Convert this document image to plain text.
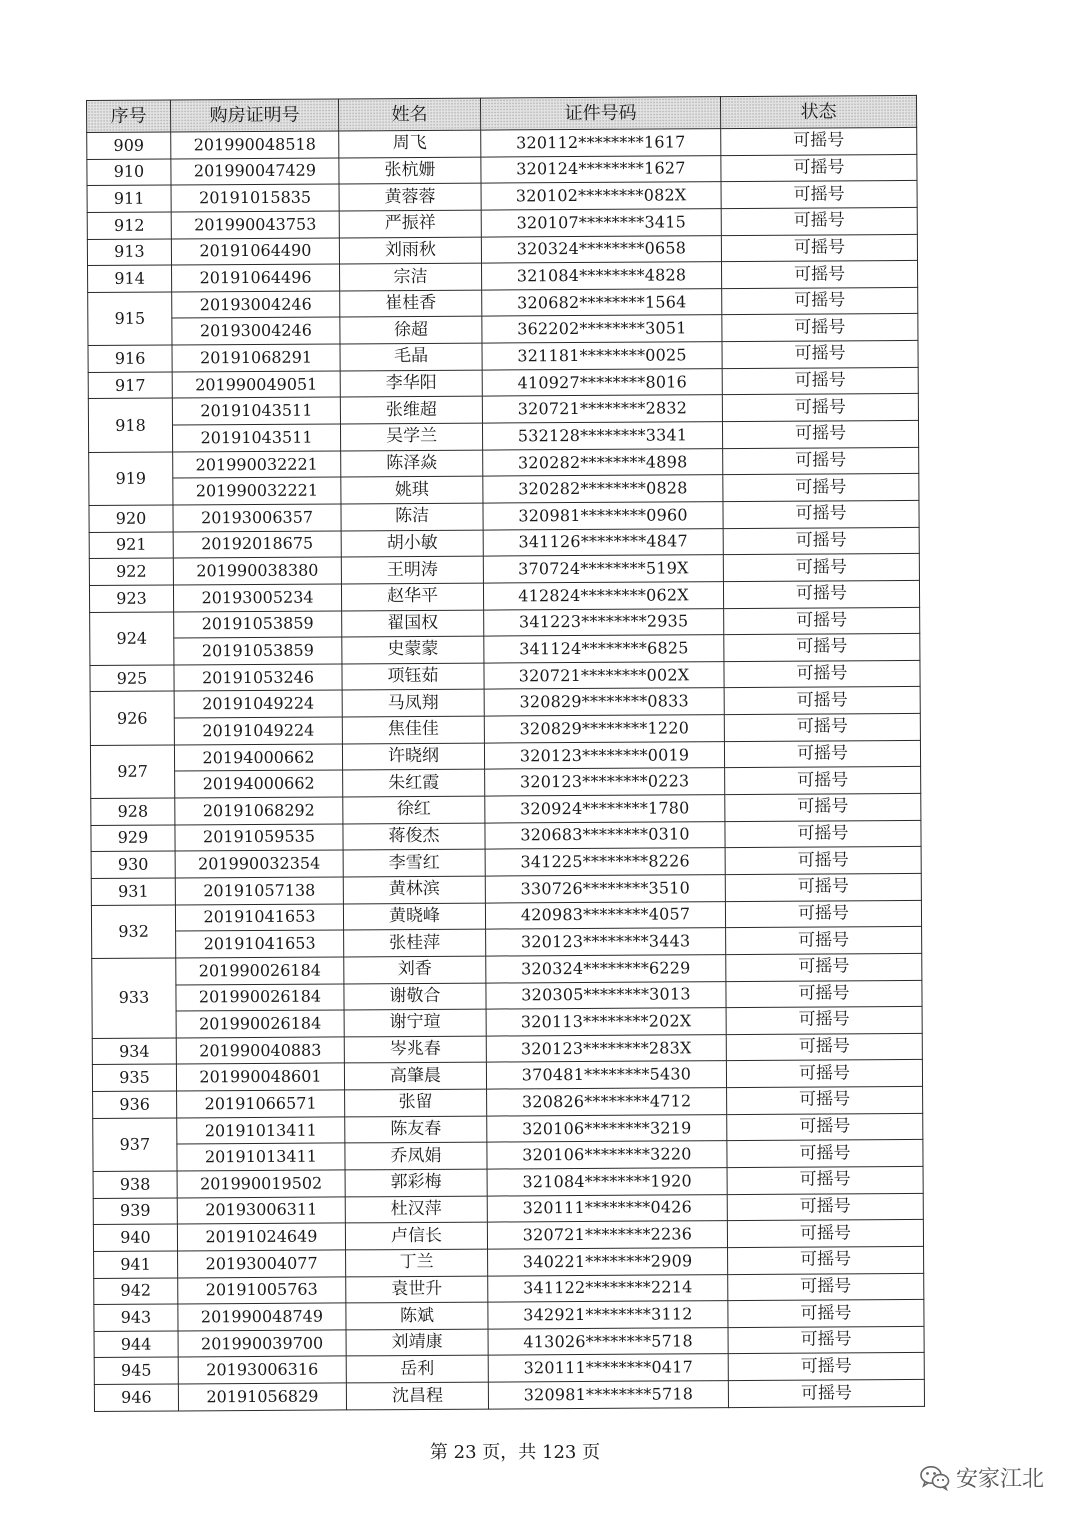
序号	购房证明号	姓名	证件号码	状态
909	201990048518	周飞	320112********1617	可摇号
910	201990047429	张杭姗	320124********1627	可摇号
911	20191015835	黄蓉蓉	320102********082X	可摇号
912	201990043753	严振祥	320107********3415	可摇号
913	20191064490	刘雨秋	320324********0658	可摇号
914	20191064496	宗洁	321084********4828	可摇号
915	20193004246	崔桂香	320682********1564	可摇号
	20193004246	徐超	362202********3051	可摇号
916	20191068291	毛晶	321181********0025	可摇号
917	201990049051	李华阳	410927********8016	可摇号
918	20191043511	张维超	320721********2832	可摇号
	20191043511	吴学兰	532128********3341	可摇号
919	201990032221	陈泽焱	320282********4898	可摇号
	201990032221	姚琪	320282********0828	可摇号
920	20193006357	陈洁	320981********0960	可摇号
921	20192018675	胡小敏	341126********4847	可摇号
922	201990038380	王明涛	370724********519X	可摇号
923	20193005234	赵华平	412824********062X	可摇号
924	20191053859	翟国权	341223********2935	可摇号
	20191053859	史蒙蒙	341124********6825	可摇号
925	20191053246	项钰茹	320721********002X	可摇号
926	20191049224	马凤翔	320829********0833	可摇号
	20191049224	焦佳佳	320829********1220	可摇号
927	20194000662	许晓纲	320123********0019	可摇号
	20194000662	朱红霞	320123********0223	可摇号
928	20191068292	徐红	320924********1780	可摇号
929	20191059535	蒋俊杰	320683********0310	可摇号
930	201990032354	李雪红	341225********8226	可摇号
931	20191057138	黄林滨	330726********3510	可摇号
932	20191041653	黄晓峰	420983********4057	可摇号
	20191041653	张桂萍	320123********3443	可摇号
933	201990026184	刘香	320324********6229	可摇号
	201990026184	谢敬合	320305********3013	可摇号
	201990026184	谢宁瑄	320113********202X	可摇号
934	201990040883	岑兆春	320123********283X	可摇号
935	201990048601	高肇晨	370481********5430	可摇号
936	20191066571	张留	320826********4712	可摇号
937	20191013411	陈友春	320106********3219	可摇号
	20191013411	乔凤娟	320106********3220	可摇号
938	201990019502	郭彩梅	321084********1920	可摇号
939	20193006311	杜汉萍	320111********0426	可摇号
940	20191024649	卢信长	320721********2236	可摇号
941	20193004077	丁兰	340221********2909	可摇号
942	20191005763	袁世升	341122********2214	可摇号
943	201990048749	陈斌	342921********3112	可摇号
944	201990039700	刘靖康	413026********5718	可摇号
945	20193006316	岳利	320111********0417	可摇号
946	20191056829	沈昌程	320981********5718	可摇号
第 23 页，共 123 页
安家江北
